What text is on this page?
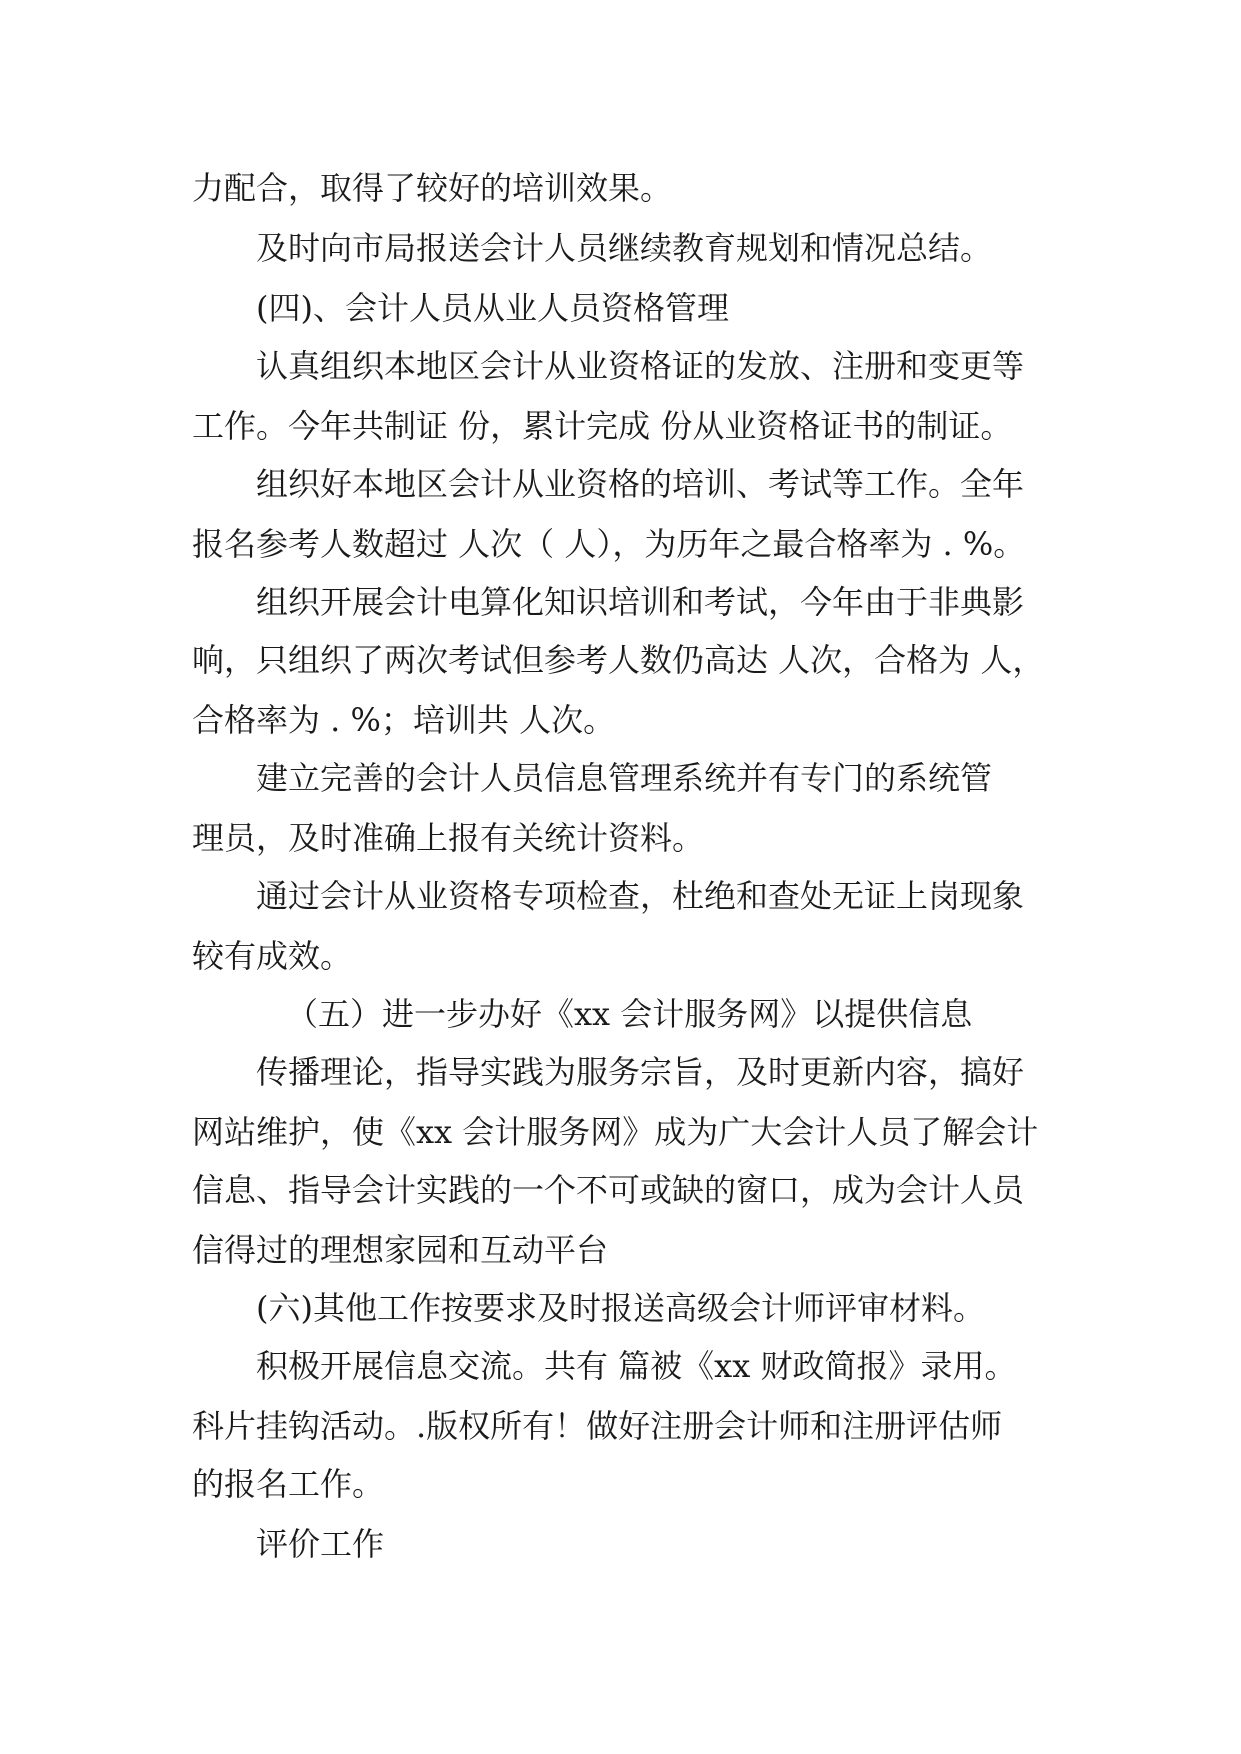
力配合，取得了较好的培训效果。
及时向市局报送会计人员继续教育规划和情况总结。
(四)、会计人员从业人员资格管理
认真组织本地区会计从业资格证的发放、注册和变更等
工作。今年共制证 份，累计完成 份从业资格证书的制证。
组织好本地区会计从业资格的培训、考试等工作。全年
报名参考人数超过 人次（ 人），为历年之最合格率为 . %。
组织开展会计电算化知识培训和考试，今年由于非典影
响，只组织了两次考试但参考人数仍高达 人次，合格为 人，
合格率为 . %；培训共 人次。
建立完善的会计人员信息管理系统并有专门的系统管
理员，及时准确上报有关统计资料。
通过会计从业资格专项检查，杜绝和查处无证上岗现象
较有成效。
（五）进一步办好《xx 会计服务网》以提供信息
传播理论，指导实践为服务宗旨，及时更新内容，搞好
网站维护，使《xx 会计服务网》成为广大会计人员了解会计
信息、指导会计实践的一个不可或缺的窗口，成为会计人员
信得过的理想家园和互动平台
(六)其他工作按要求及时报送高级会计师评审材料。
积极开展信息交流。共有 篇被《xx 财政简报》录用。
科片挂钩活动。.版权所有！做好注册会计师和注册评估师
的报名工作。
评价工作
